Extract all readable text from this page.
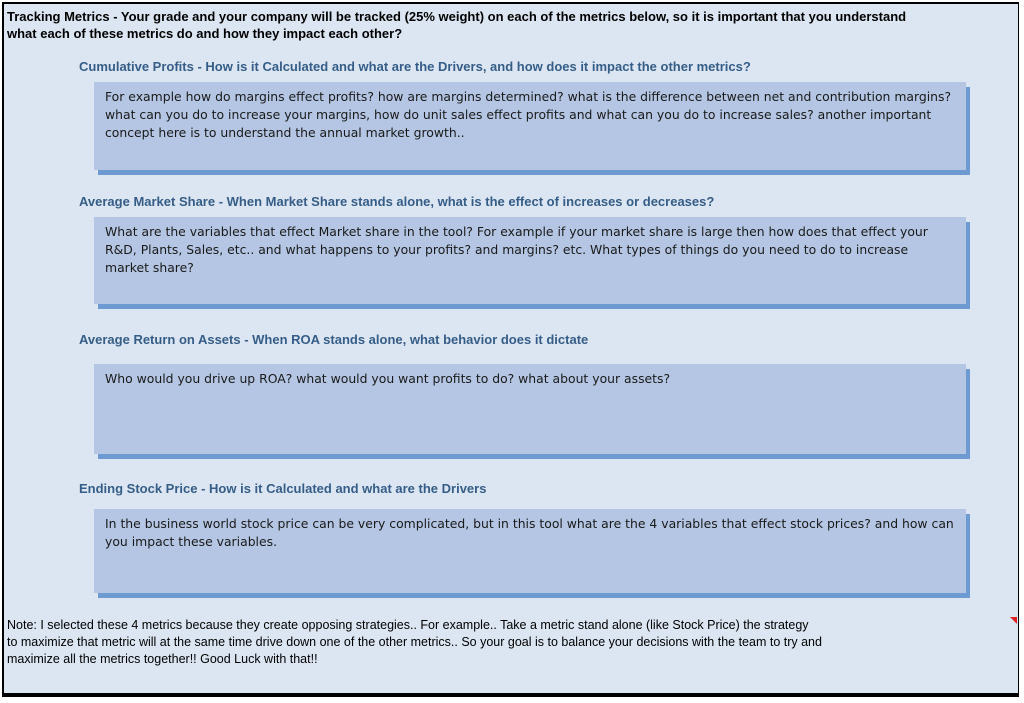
Tracking Metrics - Your grade and your company will be tracked (25% weight) on each of the metrics below, so it is important that you understand what each of these metrics do and how they impact each other?
Cumulative Profits - How is it Calculated and what are the Drivers, and how does it impact the other metrics?
For example how do margins effect profits? how are margins determined? what is the difference between net and contribution margins? what can you do to increase your margins, how do unit sales effect profits and what can you do to increase sales? another important concept here is to understand the annual market growth..
Average Market Share - When Market Share stands alone, what is the effect of increases or decreases?
What are the variables that effect Market share in the tool? For example if your market share is large then how does that effect your R&D, Plants, Sales, etc.. and what happens to your profits? and margins? etc. What types of things do you need to do to increase market share?
Average Return on Assets - When ROA stands alone, what behavior does it dictate
Who would you drive up ROA? what would you want profits to do? what about your assets?
Ending Stock Price - How is it Calculated and what are the Drivers
In the business world stock price can be very complicated, but in this tool what are the 4 variables that effect stock prices? and how can you impact these variables.
Note: I selected these 4 metrics because they create opposing strategies.. For example.. Take a metric stand alone (like Stock Price) the strategy
to maximize that metric will at the same time drive down one of the other metrics.. So your goal is to balance your decisions with the team to try and
maximize all the metrics together!! Good Luck with that!!
